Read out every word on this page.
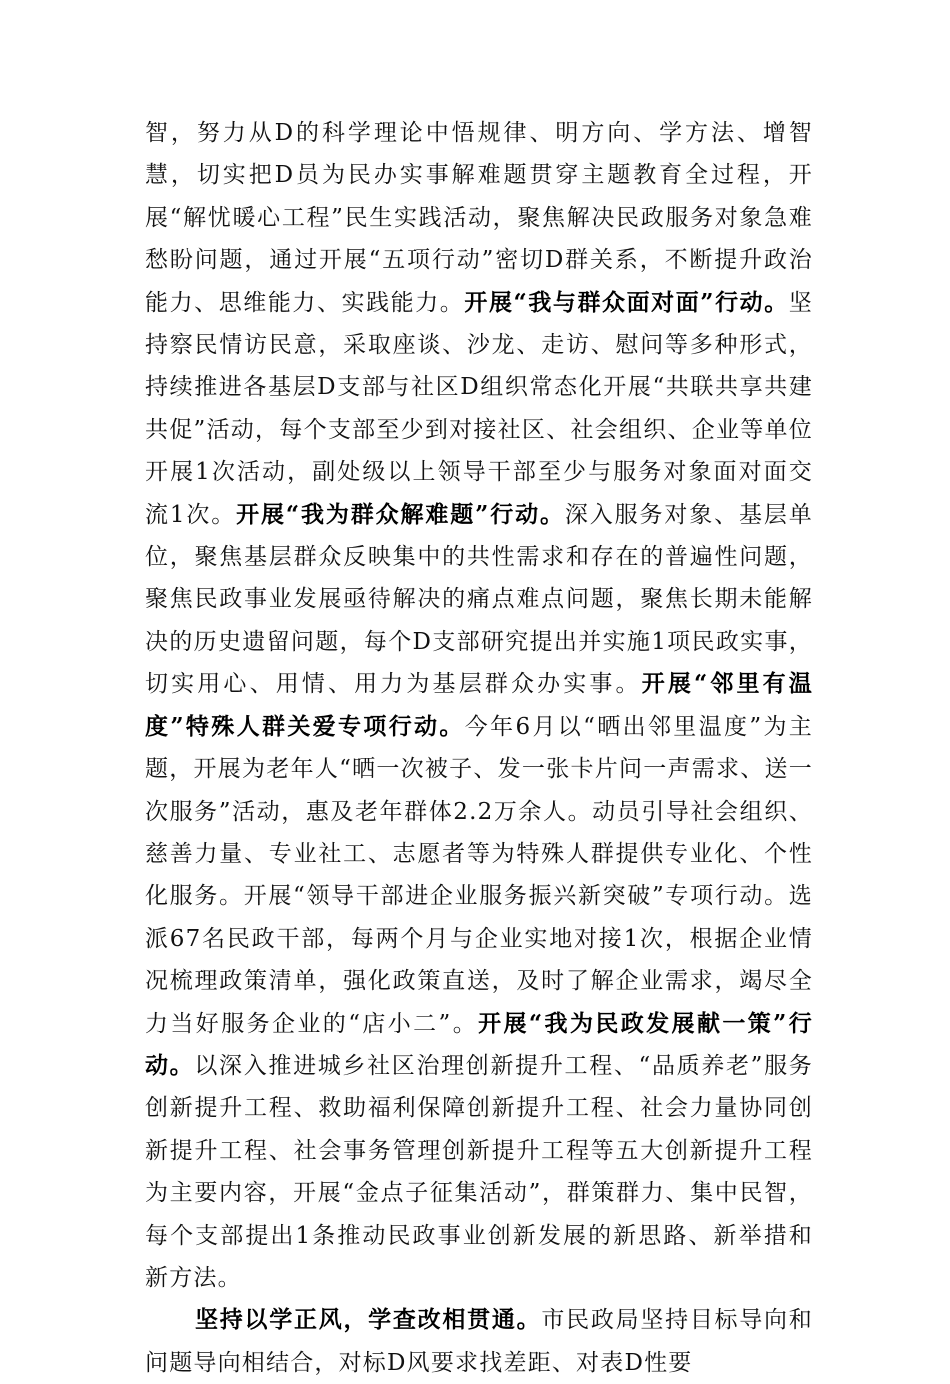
智，努力从D的科学理论中悟规律、明方向、学方法、增智慧，切实把D员为民办实事解难题贯穿主题教育全过程，开展“解忧暖心工程”民生实践活动，聚焦解决民政服务对象急难愁盼问题，通过开展“五项行动”密切D群关系，不断提升政治能力、思维能力、实践能力。开展“我与群众面对面”行动。坚持察民情访民意，采取座谈、沙龙、走访、慰问等多种形式，持续推进各基层D支部与社区D组织常态化开展“共联共享共建共促”活动，每个支部至少到对接社区、社会组织、企业等单位开展1次活动，副处级以上领导干部至少与服务对象面对面交流1次。开展“我为群众解难题”行动。深入服务对象、基层单位，聚焦基层群众反映集中的共性需求和存在的普遍性问题，聚焦民政事业发展亟待解决的痛点难点问题，聚焦长期未能解决的历史遗留问题，每个D支部研究提出并实施1项民政实事，切实用心、用情、用力为基层群众办实事。开展“邻里有温度”特殊人群关爱专项行动。今年6月以“晒出邻里温度”为主题，开展为老年人“晒一次被子、发一张卡片问一声需求、送一次服务”活动，惠及老年群体2.2万余人。动员引导社会组织、慈善力量、专业社工、志愿者等为特殊人群提供专业化、个性化服务。开展“领导干部进企业服务振兴新突破”专项行动。选派67名民政干部，每两个月与企业实地对接1次，根据企业情况梳理政策清单，强化政策直送，及时了解企业需求，竭尽全力当好服务企业的“店小二”。开展“我为民政发展献一策”行动。以深入推进城乡社区治理创新提升工程、“品质养老”服务创新提升工程、救助福利保障创新提升工程、社会力量协同创新提升工程、社会事务管理创新提升工程等五大创新提升工程为主要内容，开展“金点子征集活动”，群策群力、集中民智，每个支部提出1条推动民政事业创新发展的新思路、新举措和新方法。

坚持以学正风，学查改相贯通。市民政局坚持目标导向和问题导向相结合，对标D风要求找差距、对表D性要
